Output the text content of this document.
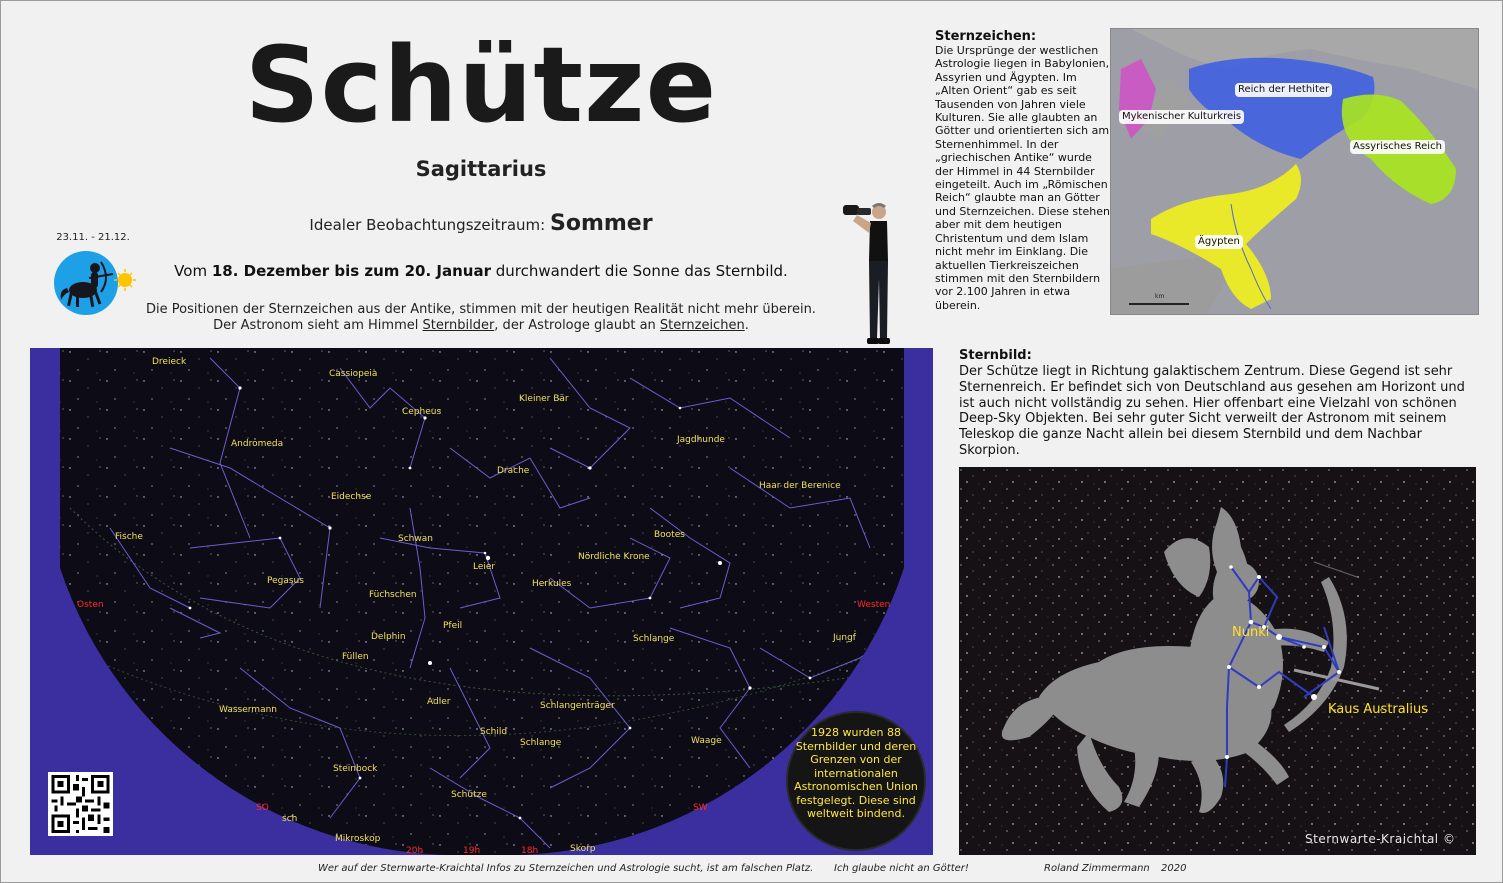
Schütze
Sagittarius
Idealer Beobachtungszeitraum: Sommer
23.11. - 21.12.
Vom 18. Dezember bis zum 20. Januar durchwandert die Sonne das Sternbild.
Die Positionen der Sternzeichen aus der Antike, stimmen mit der heutigen Realität nicht mehr überein.
Der Astronom sieht am Himmel Sternbilder, der Astrologe glaubt an Sternzeichen.
Dreieck
Cassiopeia
Kleiner Bär
Cepheus
Andromeda	Jagdhunde
Drache
Haar der Berenice
Eidechse
Fische	Schwan	Bootes
Nördliche Krone
Leier
Pegasus	Herkules
Füchschen
Pfeil
Delphin	Schlange	Jungf
Füllen
Adler	Schlangenträger
Wassermann
Schild
Schlange	Waage
Steinbock
Schütze
sch
Mikroskop
Skorp
Osten	Westen
SO	SW
20h	19h	18h
1928 wurden 88 Sternbilder und deren Grenzen von der internationalen Astronomischen Union festgelegt. Diese sind weltweit bindend.
Sternzeichen:
Die Ursprünge der westlichen Astrologie liegen in Babylonien, Assyrien und Ägypten. Im „Alten Orient“ gab es seit Tausenden von Jahren viele Kulturen. Sie alle glaubten an Götter und orientierten sich am Sternenhimmel. In der „griechischen Antike“ wurde der Himmel in 44 Sternbilder eingeteilt. Auch im „Römischen Reich“ glaubte man an Götter und Sternzeichen. Diese stehen aber mit dem heutigen Christentum und dem Islam nicht mehr im Einklang. Die aktuellen Tierkreiszeichen stimmen mit den Sternbildern vor 2.100 Jahren in etwa überein.
Reich der Hethiter
Mykenischer Kulturkreis
Assyrisches Reich
Ägypten
km
Sternbild:
Der Schütze liegt in Richtung galaktischem Zentrum. Diese Gegend ist sehr Sternenreich. Er befindet sich von Deutschland aus gesehen am Horizont und ist auch nicht vollständig zu sehen. Hier offenbart eine Vielzahl von schönen Deep-Sky Objekten. Bei sehr guter Sicht verweilt der Astronom mit seinem Teleskop die ganze Nacht allein bei diesem Sternbild und dem Nachbar Skorpion.
Nunki
Kaus Australius
Sternwarte-Kraichtal ©
Wer auf der Sternwarte-Kraichtal Infos zu Sternzeichen und Astrologie sucht, ist am falschen Platz. Ich glaube nicht an Götter!	Roland Zimmermann 2020
